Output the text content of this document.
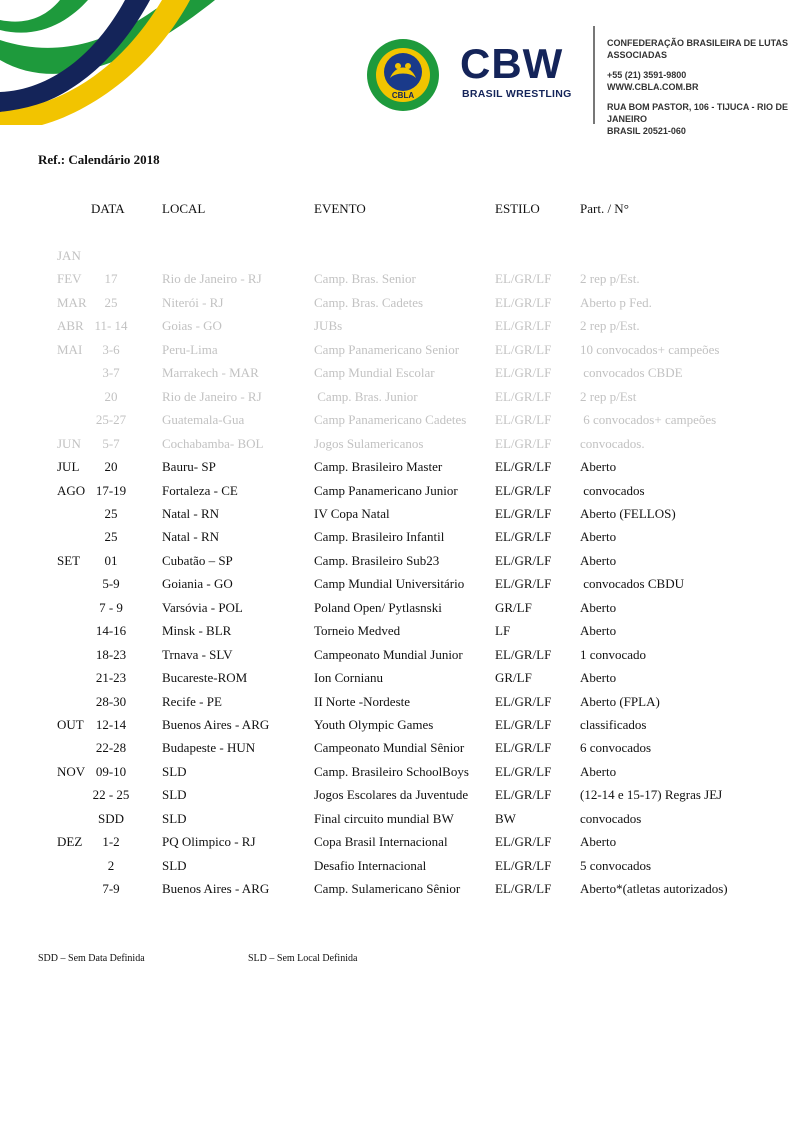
CBLA
CBW
BRASIL WRESTLING
CONFEDERAÇÃO BRASILEIRA DE LUTAS ASSOCIADAS
+55 (21) 3591-9800
WWW.CBLA.COM.BR
RUA BOM PASTOR, 106 - TIJUCA - RIO DE JANEIRO
BRASIL 20521-060
Ref.: Calendário 2018
DATA	LOCAL	EVENTO	ESTILO	Part. / N°
JAN
FEV 17	Rio de Janeiro - RJ	Camp. Bras. Senior	EL/GR/LF 2 rep p/Est.
MAR 25	Niterói - RJ	Camp. Bras. Cadetes	EL/GR/LF Aberto p Fed.
ABR 11- 14	Goias - GO	JUBs	EL/GR/LF 2 rep p/Est.
MAI 3-6	Peru-Lima	Camp Panamericano Senior	EL/GR/LF 10 convocados+ campeões
3-7	Marrakech - MAR	Camp Mundial Escolar	EL/GR/LF convocados CBDE
20	Rio de Janeiro - RJ	Camp. Bras. Junior	EL/GR/LF 2 rep p/Est
25-27	Guatemala-Gua	Camp Panamericano Cadetes EL/GR/LF 6 convocados+ campeões
JUN 5-7	Cochabamba- BOL	Jogos Sulamericanos	EL/GR/LF convocados.
JUL 20	Bauru- SP	Camp. Brasileiro Master	EL/GR/LF Aberto
AGO 17-19	Fortaleza - CE	Camp Panamericano Junior	EL/GR/LF convocados
25	Natal - RN	IV Copa Natal	EL/GR/LF Aberto (FELLOS)
25	Natal - RN	Camp. Brasileiro Infantil	EL/GR/LF Aberto
SET 01	Cubatão – SP	Camp. Brasileiro Sub23	EL/GR/LF Aberto
5-9	Goiania - GO	Camp Mundial Universitário EL/GR/LF convocados CBDU
7 - 9	Varsóvia - POL	Poland Open/ Pytlasnski	GR/LF	Aberto
14-16	Minsk - BLR	Torneio Medved	LF	Aberto
18-23	Trnava - SLV	Campeonato Mundial Junior EL/GR/LF 1 convocado
21-23	Bucareste-ROM	Ion Cornianu	GR/LF	Aberto
28-30	Recife - PE	II Norte -Nordeste	EL/GR/LF Aberto (FPLA)
OUT 12-14	Buenos Aires - ARG	Youth Olympic Games	EL/GR/LF classificados
22-28	Budapeste - HUN	Campeonato Mundial Sênior EL/GR/LF 6 convocados
NOV 09-10	SLD	Camp. Brasileiro SchoolBoys EL/GR/LF Aberto
22 - 25	SLD	Jogos Escolares da Juventude EL/GR/LF (12-14 e 15-17) Regras JEJ
SDD	SLD	Final circuito mundial BW	BW	convocados
DEZ 1-2	PQ Olimpico - RJ	Copa Brasil Internacional	EL/GR/LF Aberto
2	SLD	Desafio Internacional	EL/GR/LF 5 convocados
7-9	Buenos Aires - ARG	Camp. Sulamericano Sênior	EL/GR/LF Aberto*(atletas autorizados)
SDD – Sem Data Definida	SLD – Sem Local Definida
